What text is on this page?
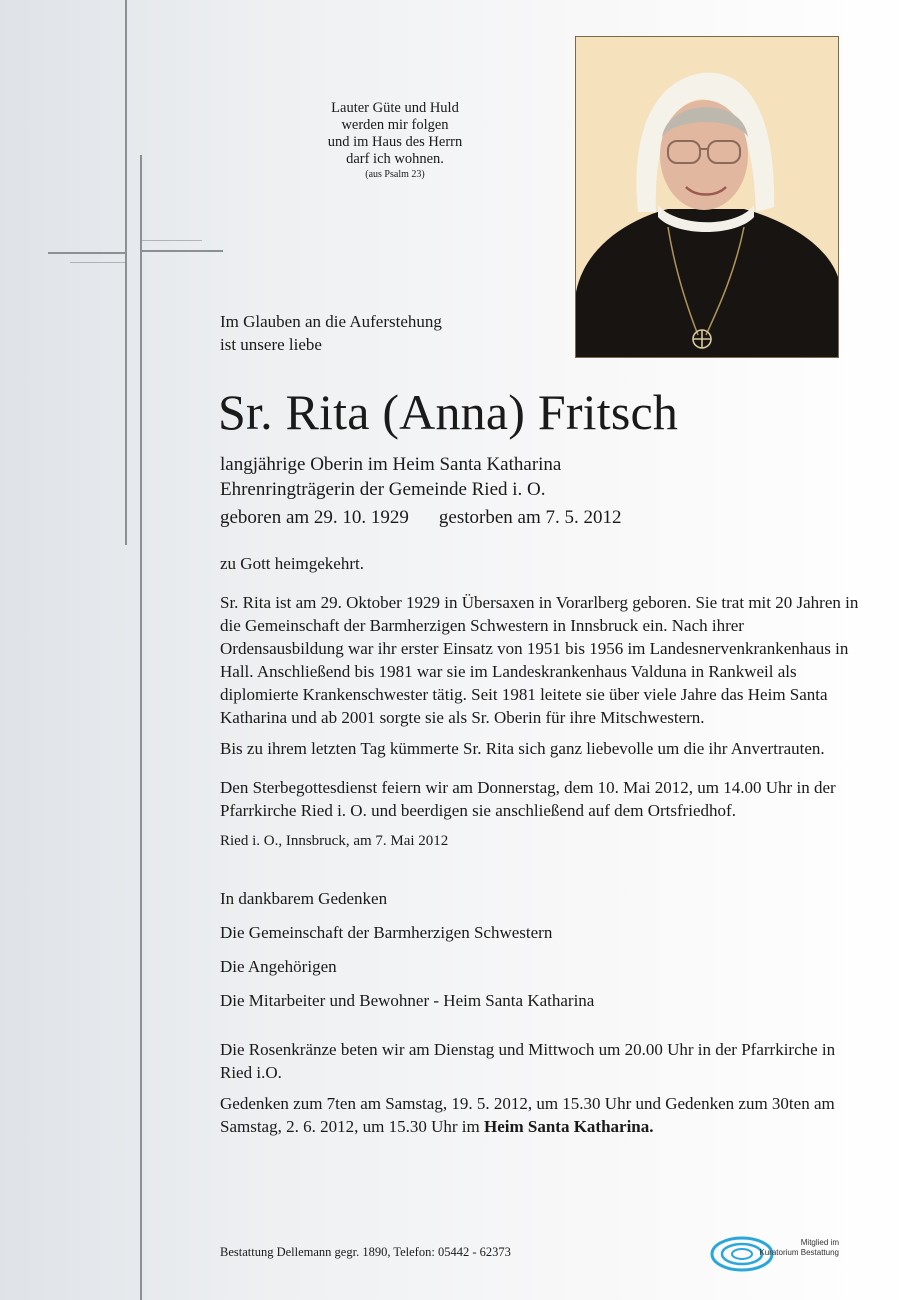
Lauter Güte und Huld
werden mir folgen
und im Haus des Herrn
darf ich wohnen.
(aus Psalm 23)
Im Glauben an die Auferstehung
ist unsere liebe
Sr. Rita (Anna) Fritsch
langjährige Oberin im Heim Santa Katharina
Ehrenringträgerin der Gemeinde Ried i. O.
geboren am 29. 10. 1929 gestorben am 7. 5. 2012

zu Gott heimgekehrt.

Sr. Rita ist am 29. Oktober 1929 in Übersaxen in Vorarlberg geboren. Sie trat mit 20 Jahren in die Gemeinschaft der Barmherzigen Schwestern in Innsbruck ein. Nach ihrer Ordensausbildung war ihr erster Einsatz von 1951 bis 1956 im Landesnervenkrankenhaus in Hall. Anschließend bis 1981 war sie im Landeskrankenhaus Valduna in Rankweil als diplomierte Krankenschwester tätig. Seit 1981 leitete sie über viele Jahre das Heim Santa Katharina und ab 2001 sorgte sie als Sr. Oberin für ihre Mitschwestern.

Bis zu ihrem letzten Tag kümmerte Sr. Rita sich ganz liebevolle um die ihr Anvertrauten.

Den Sterbegottesdienst feiern wir am Donnerstag, dem 10. Mai 2012, um 14.00 Uhr in der Pfarrkirche Ried i. O. und beerdigen sie anschließend auf dem Ortsfriedhof.

Ried i. O., Innsbruck, am 7. Mai 2012

In dankbarem Gedenken

Die Gemeinschaft der Barmherzigen Schwestern

Die Angehörigen

Die Mitarbeiter und Bewohner - Heim Santa Katharina

Die Rosenkränze beten wir am Dienstag und Mittwoch um 20.00 Uhr in der Pfarrkirche in Ried i.O.

Gedenken zum 7ten am Samstag, 19. 5. 2012, um 15.30 Uhr und Gedenken zum 30ten am Samstag, 2. 6. 2012, um 15.30 Uhr im Heim Santa Katharina.

Bestattung Dellemann gegr. 1890, Telefon: 05442 - 62373
Mitglied im
Kuratorium Bestattung
